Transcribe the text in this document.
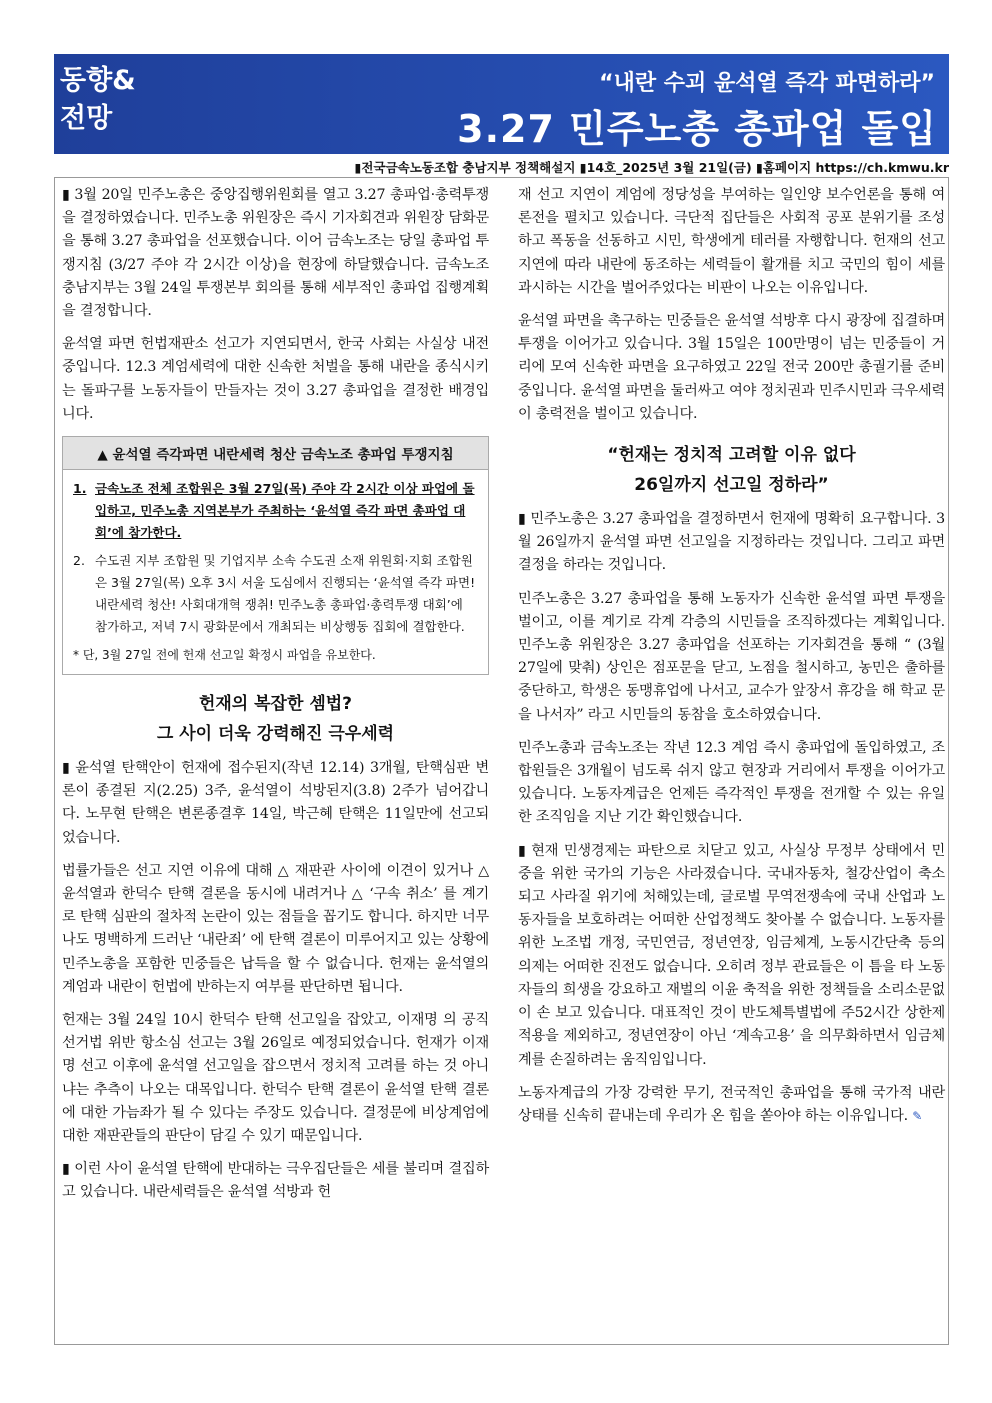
동향&
전망
“내란 수괴 윤석열 즉각 파면하라”
3.27 민주노총 총파업 돌입
▮전국금속노동조합 충남지부 정책해설지 ▮14호_2025년 3월 21일(금) ▮홈페이지 https://ch.kmwu.kr

▮ 3월 20일 민주노총은 중앙집행위원회를 열고 3.27 총파업·총력투쟁을 결정하였습니다. 민주노총 위원장은 즉시 기자회견과 위원장 담화문을 통해 3.27 총파업을 선포했습니다. 이어 금속노조는 당일 총파업 투쟁지침 (3/27 주야 각 2시간 이상)을 현장에 하달했습니다. 금속노조 충남지부는 3월 24일 투쟁본부 회의를 통해 세부적인 총파업 집행계획을 결정합니다.

윤석열 파면 헌법재판소 선고가 지연되면서, 한국 사회는 사실상 내전중입니다. 12.3 계엄세력에 대한 신속한 처벌을 통해 내란을 종식시키는 돌파구를 노동자들이 만들자는 것이 3.27 총파업을 결정한 배경입니다.

▲ 윤석열 즉각파면 내란세력 청산 금속노조 총파업 투쟁지침
1. 금속노조 전체 조합원은 3월 27일(목) 주야 각 2시간 이상 파업에 돌입하고, 민주노총 지역본부가 주최하는 ‘윤석열 즉각 파면 총파업 대회’에 참가한다.
2. 수도권 지부 조합원 및 기업지부 소속 수도권 소재 위원회·지회 조합원은 3월 27일(목) 오후 3시 서울 도심에서 진행되는 ‘윤석열 즉각 파면! 내란세력 청산! 사회대개혁 쟁취! 민주노총 총파업·총력투쟁 대회’에 참가하고, 저녁 7시 광화문에서 개최되는 비상행동 집회에 결합한다.
* 단, 3월 27일 전에 헌재 선고일 확정시 파업을 유보한다.
헌재의 복잡한 셈법?
그 사이 더욱 강력해진 극우세력

▮ 윤석열 탄핵안이 헌재에 접수된지(작년 12.14) 3개월, 탄핵심판 변론이 종결된 지(2.25) 3주, 윤석열이 석방된지(3.8) 2주가 넘어갑니다. 노무현 탄핵은 변론종결후 14일, 박근혜 탄핵은 11일만에 선고되었습니다.

법률가들은 선고 지연 이유에 대해 △ 재판관 사이에 이견이 있거나 △ 윤석열과 한덕수 탄핵 결론을 동시에 내려거나 △ ‘구속 취소’ 를 계기로 탄핵 심판의 절차적 논란이 있는 점들을 꼽기도 합니다. 하지만 너무나도 명백하게 드러난 ‘내란죄’ 에 탄핵 결론이 미루어지고 있는 상황에 민주노총을 포함한 민중들은 납득을 할 수 없습니다. 헌재는 윤석열의 계엄과 내란이 헌법에 반하는지 여부를 판단하면 됩니다.

헌재는 3월 24일 10시 한덕수 탄핵 선고일을 잡았고, 이재명 의 공직선거법 위반 항소심 선고는 3월 26일로 예정되었습니다. 헌재가 이재명 선고 이후에 윤석열 선고일을 잡으면서 정치적 고려를 하는 것 아니냐는 추측이 나오는 대목입니다. 한덕수 탄핵 결론이 윤석열 탄핵 결론에 대한 가늠좌가 될 수 있다는 주장도 있습니다. 결정문에 비상계엄에 대한 재판관들의 판단이 담길 수 있기 때문입니다.

▮ 이런 사이 윤석열 탄핵에 반대하는 극우집단들은 세를 불리며 결집하고 있습니다. 내란세력들은 윤석열 석방과 헌

재 선고 지연이 계엄에 정당성을 부여하는 일인양 보수언론을 통해 여론전을 펼치고 있습니다. 극단적 집단들은 사회적 공포 분위기를 조성하고 폭동을 선동하고 시민, 학생에게 테러를 자행합니다. 헌재의 선고 지연에 따라 내란에 동조하는 세력들이 활개를 치고 국민의 힘이 세를 과시하는 시간을 벌어주었다는 비판이 나오는 이유입니다.

윤석열 파면을 촉구하는 민중들은 윤석열 석방후 다시 광장에 집결하며 투쟁을 이어가고 있습니다. 3월 15일은 100만명이 넘는 민중들이 거리에 모여 신속한 파면을 요구하였고 22일 전국 200만 총궐기를 준비중입니다. 윤석열 파면을 둘러싸고 여야 정치권과 민주시민과 극우세력이 총력전을 벌이고 있습니다.

“헌재는 정치적 고려할 이유 없다
26일까지 선고일 정하라”

▮ 민주노총은 3.27 총파업을 결정하면서 헌재에 명확히 요구합니다. 3월 26일까지 윤석열 파면 선고일을 지정하라는 것입니다. 그리고 파면 결정을 하라는 것입니다.

민주노총은 3.27 총파업을 통해 노동자가 신속한 윤석열 파면 투쟁을 벌이고, 이를 계기로 각계 각층의 시민들을 조직하겠다는 계획입니다. 민주노총 위원장은 3.27 총파업을 선포하는 기자회견을 통해 “ (3월 27일에 맞춰) 상인은 점포문을 닫고, 노점을 철시하고, 농민은 출하를 중단하고, 학생은 동맹휴업에 나서고, 교수가 앞장서 휴강을 해 학교 문을 나서자” 라고 시민들의 동참을 호소하였습니다.

민주노총과 금속노조는 작년 12.3 계엄 즉시 총파업에 돌입하였고, 조합원들은 3개월이 넘도록 쉬지 않고 현장과 거리에서 투쟁을 이어가고 있습니다. 노동자계급은 언제든 즉각적인 투쟁을 전개할 수 있는 유일한 조직임을 지난 기간 확인했습니다.

▮ 현재 민생경제는 파탄으로 치닫고 있고, 사실상 무정부 상태에서 민중을 위한 국가의 기능은 사라졌습니다. 국내자동차, 철강산업이 축소되고 사라질 위기에 처해있는데, 글로벌 무역전쟁속에 국내 산업과 노동자들을 보호하려는 어떠한 산업정책도 찾아볼 수 없습니다. 노동자를 위한 노조법 개정, 국민연금, 정년연장, 임금체계, 노동시간단축 등의 의제는 어떠한 진전도 없습니다. 오히려 정부 관료들은 이 틈을 타 노동자들의 희생을 강요하고 재벌의 이윤 축적을 위한 정책들을 소리소문없이 손 보고 있습니다. 대표적인 것이 반도체특별법에 주52시간 상한제 적용을 제외하고, 정년연장이 아닌 ‘계속고용’ 을 의무화하면서 임금체계를 손질하려는 움직임입니다.

노동자계급의 가장 강력한 무기, 전국적인 총파업을 통해 국가적 내란상태를 신속히 끝내는데 우리가 온 힘을 쏟아야 하는 이유입니다. ✎
